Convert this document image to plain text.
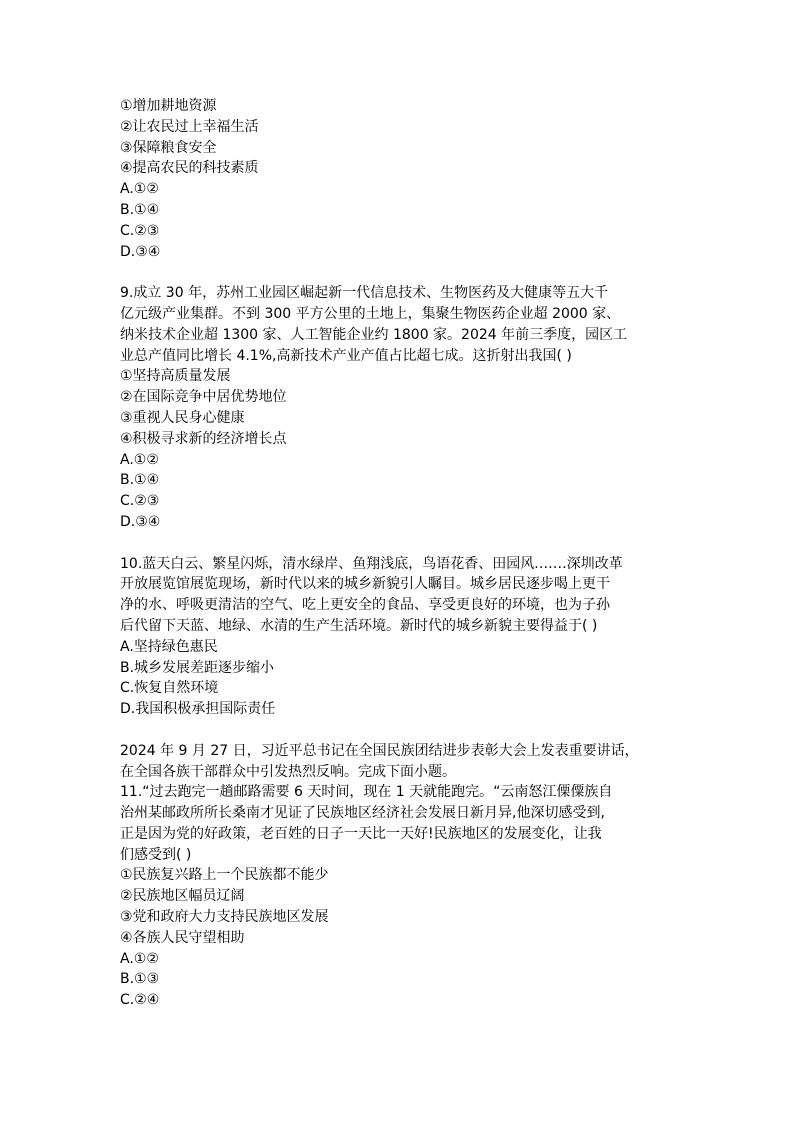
①增加耕地资源
②让农民过上幸福生活
③保障粮食安全
④提高农民的科技素质
A.①②
B.①④
C.②③
D.③④
9.成立 30 年，苏州工业园区崛起新一代信息技术、生物医药及大健康等五大千
亿元级产业集群。不到 300 平方公里的土地上，集聚生物医药企业超 2000 家、
纳米技术企业超 1300 家、人工智能企业约 1800 家。2024 年前三季度，园区工
业总产值同比增长 4.1%,高新技术产业产值占比超七成。这折射出我国( )
①坚持高质量发展
②在国际竞争中居优势地位
③重视人民身心健康
④积极寻求新的经济增长点
A.①②
B.①④
C.②③
D.③④
10.蓝天白云、繁星闪烁，清水绿岸、鱼翔浅底，鸟语花香、田园风.……深圳改革
开放展览馆展览现场，新时代以来的城乡新貌引人瞩目。城乡居民逐步喝上更干
净的水、呼吸更清洁的空气、吃上更安全的食品、享受更良好的环境，也为子孙
后代留下天蓝、地绿、水清的生产生活环境。新时代的城乡新貌主要得益于( )
A.坚持绿色惠民
B.城乡发展差距逐步缩小
C.恢复自然环境
D.我国积极承担国际责任
2024 年 9 月 27 日，习近平总书记在全国民族团结进步表彰大会上发表重要讲话，
在全国各族干部群众中引发热烈反响。完成下面小题。
11.“过去跑完一趟邮路需要 6 天时间，现在 1 天就能跑完。“云南怒江傈僳族自
治州某邮政所所长桑南才见证了民族地区经济社会发展日新月异,他深切感受到,
正是因为党的好政策，老百姓的日子一天比一天好!民族地区的发展变化，让我
们感受到( )
①民族复兴路上一个民族都不能少
②民族地区幅员辽阔
③党和政府大力支持民族地区发展
④各族人民守望相助
A.①②
B.①③
C.②④
